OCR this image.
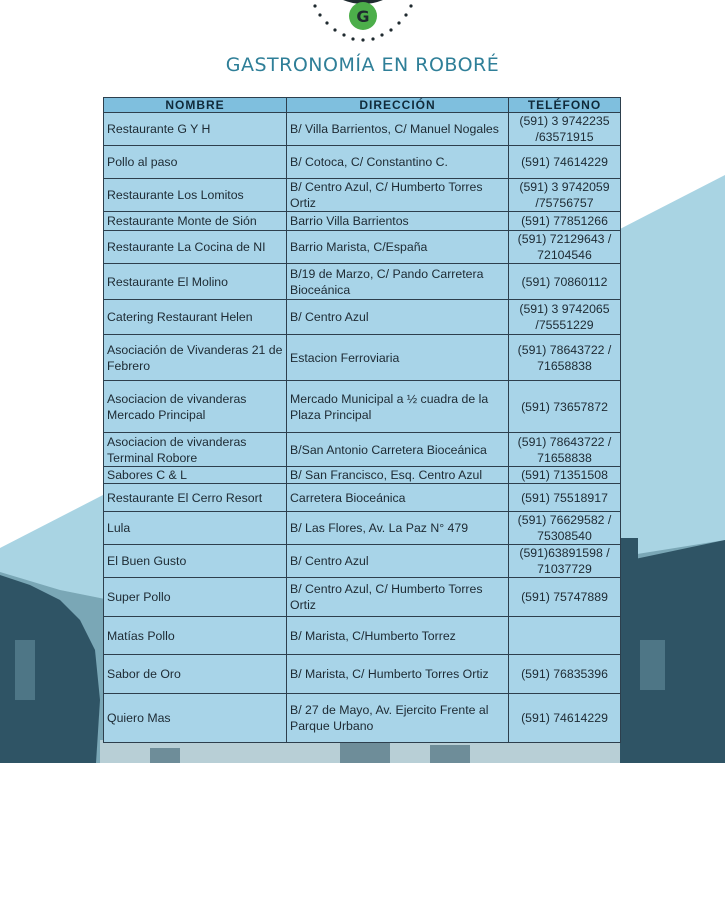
G
GASTRONOMÍA EN ROBORÉ
NOMBRE	DIRECCIÓN	TELÉFONO
Restaurante G Y H	B/ Villa Barrientos, C/ Manuel Nogales	(591) 3 9742235 /63571915
Pollo al paso	B/ Cotoca, C/ Constantino C.	(591) 74614229
Restaurante Los Lomitos	B/ Centro Azul, C/ Humberto Torres Ortiz	(591) 3 9742059 /75756757
Restaurante Monte de Sión	Barrio Villa Barrientos	(591) 77851266
Restaurante La Cocina de NI	Barrio Marista, C/España	(591) 72129643 / 72104546
Restaurante El Molino	B/19 de Marzo, C/ Pando Carretera Bioceánica	(591) 70860112
Catering Restaurant Helen	B/ Centro Azul	(591) 3 9742065 /75551229
Asociación de Vivanderas 21 de Febrero	Estacion Ferroviaria	(591) 78643722 / 71658838
Asociacion de vivanderas Mercado Principal	Mercado Municipal a ½ cuadra de la Plaza Principal	(591) 73657872
Asociacion de vivanderas Terminal Robore	B/San Antonio Carretera Bioceánica	(591) 78643722 / 71658838
Sabores C & L	B/ San Francisco, Esq. Centro Azul	(591) 71351508
Restaurante El Cerro Resort	Carretera Bioceánica	(591) 75518917
Lula	B/ Las Flores, Av. La Paz N° 479	(591) 76629582 / 75308540
El Buen Gusto	B/ Centro Azul	(591)63891598 / 71037729
Super Pollo	B/ Centro Azul, C/ Humberto Torres Ortiz	(591) 75747889
Matías Pollo	B/ Marista, C/Humberto Torrez	
Sabor de Oro	B/ Marista, C/ Humberto Torres Ortiz	(591) 76835396
Quiero Mas	B/ 27 de Mayo, Av. Ejercito Frente al Parque Urbano	(591) 74614229
